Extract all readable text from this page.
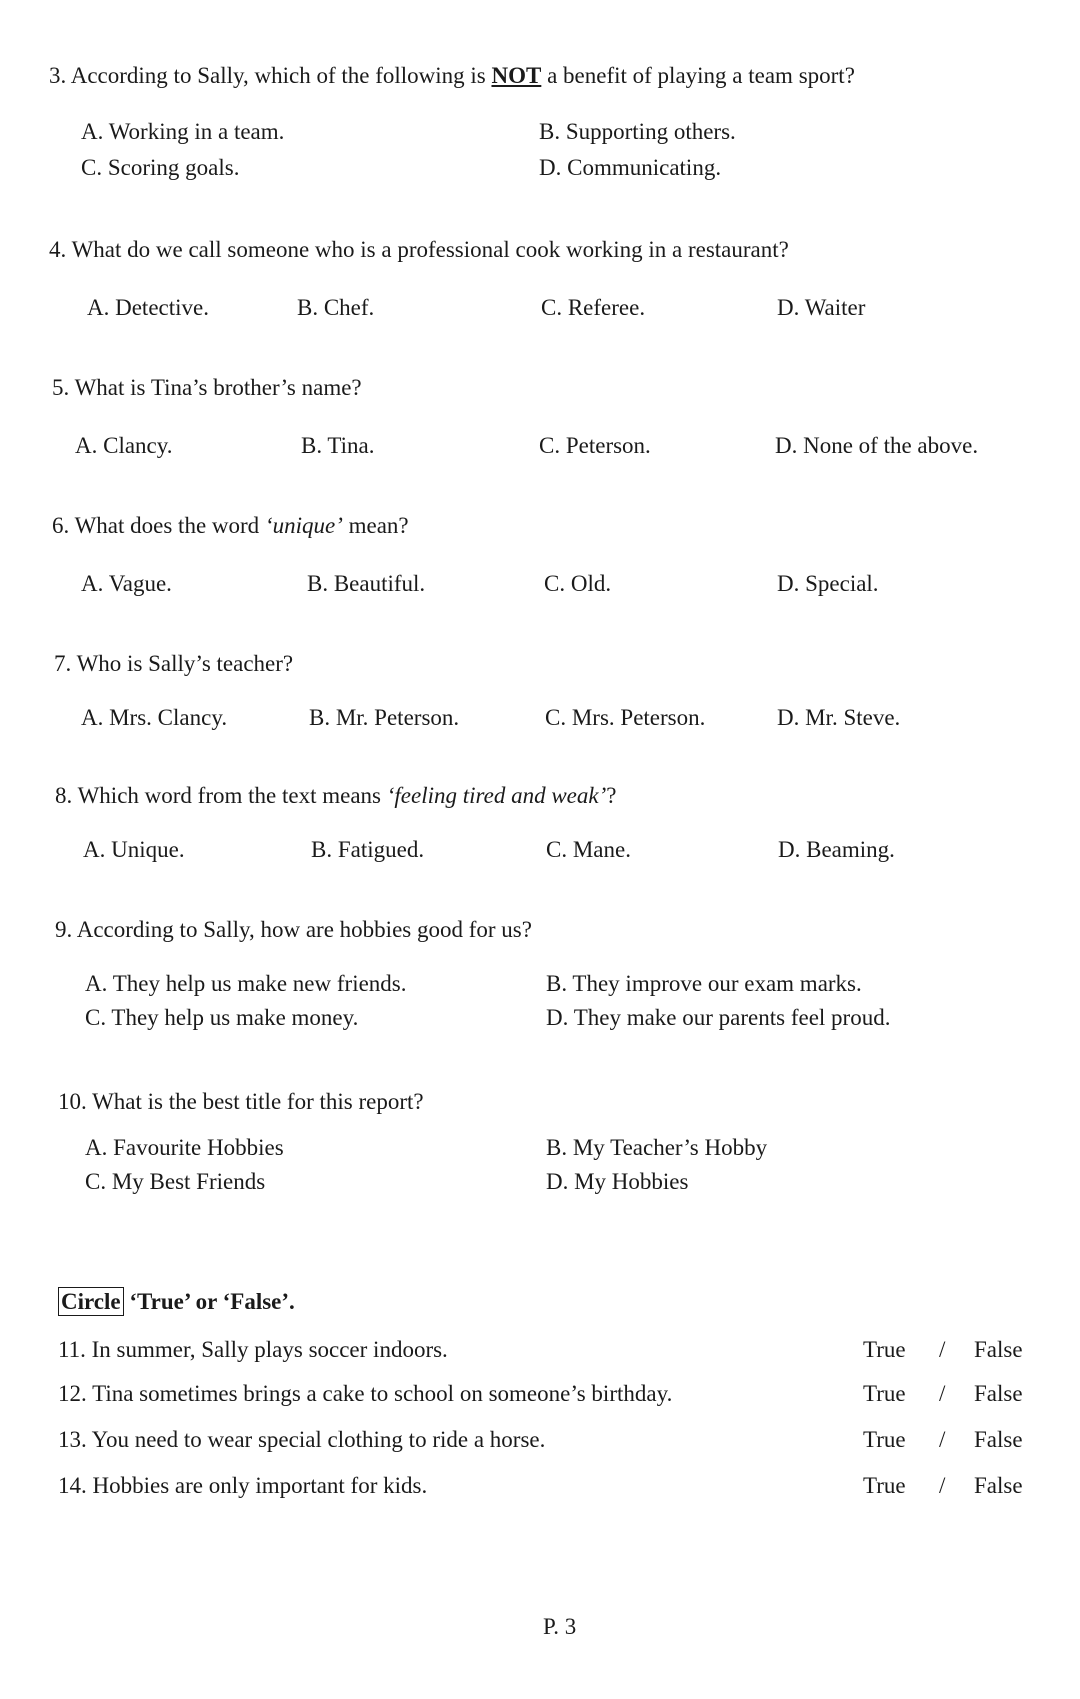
3. According to Sally, which of the following is NOT a benefit of playing a team sport?
A. Working in a team.	B. Supporting others.
C. Scoring goals.	D. Communicating.
4. What do we call someone who is a professional cook working in a restaurant?
A. Detective.	B. Chef.	C. Referee.	D. Waiter
5. What is Tina’s brother’s name?
A. Clancy.	B. Tina.	C. Peterson.	D. None of the above.
6. What does the word ‘unique’ mean?
A. Vague.	B. Beautiful.	C. Old.	D. Special.
7. Who is Sally’s teacher?
A. Mrs. Clancy.	B. Mr. Peterson.	C. Mrs. Peterson.	D. Mr. Steve.
8. Which word from the text means ‘feeling tired and weak’?
A. Unique.	B. Fatigued.	C. Mane.	D. Beaming.
9. According to Sally, how are hobbies good for us?
A. They help us make new friends.	B. They improve our exam marks.
C. They help us make money.	D. They make our parents feel proud.
10. What is the best title for this report?
A. Favourite Hobbies	B. My Teacher’s Hobby
C. My Best Friends	D. My Hobbies
Circle ‘True’ or ‘False’.
11. In summer, Sally plays soccer indoors.	True	/ False
12. Tina sometimes brings a cake to school on someone’s birthday.	True	/ False
13. You need to wear special clothing to ride a horse.	True	/ False
14. Hobbies are only important for kids.	True	/ False
P. 3
